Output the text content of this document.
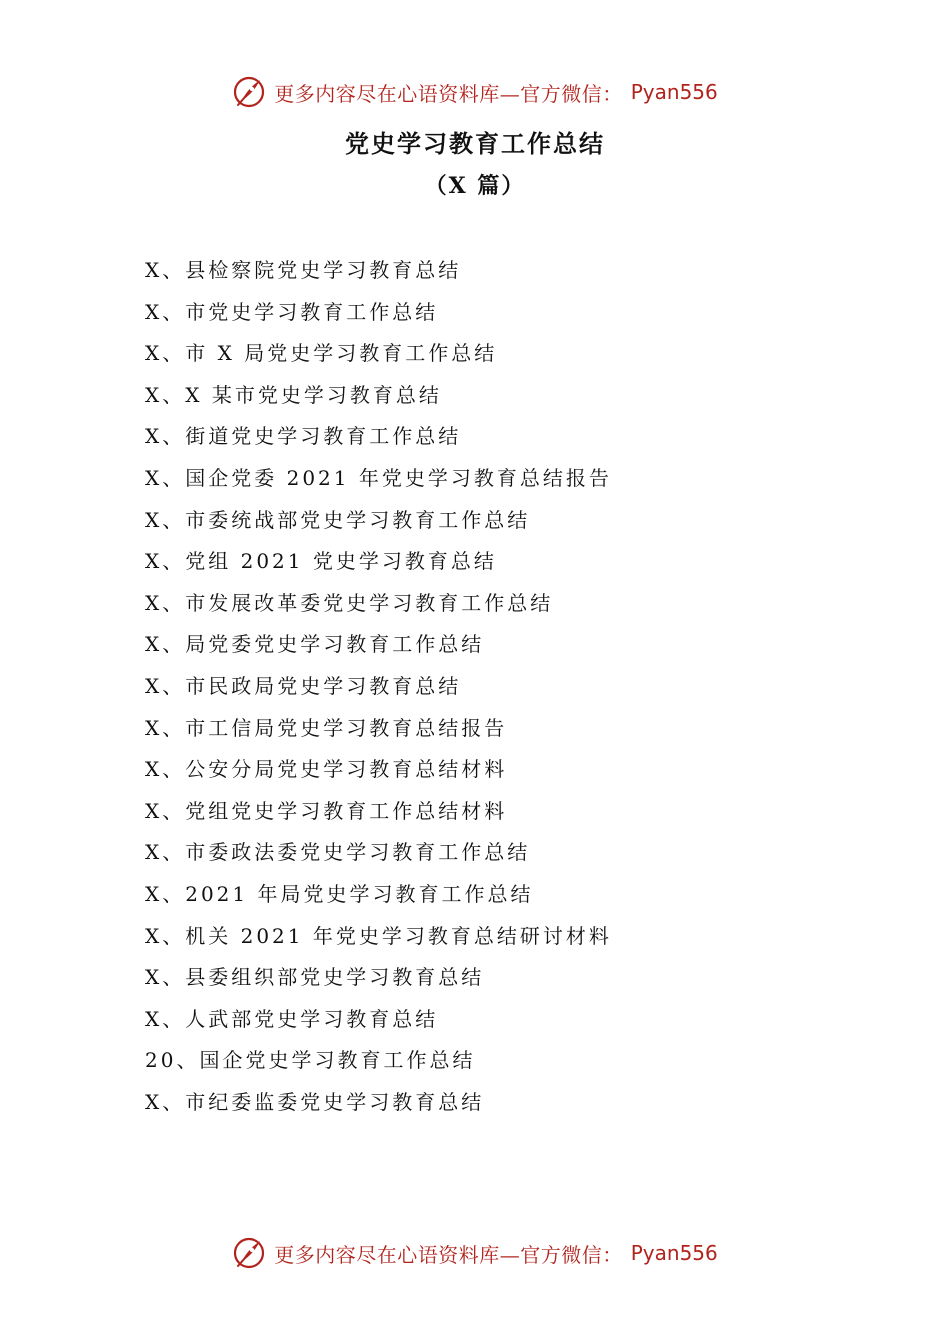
更多内容尽在心语资料库—官方微信： Pyan556
党史学习教育工作总结
（X 篇）
X、县检察院党史学习教育总结
X、市党史学习教育工作总结
X、市 X 局党史学习教育工作总结
X、X 某市党史学习教育总结
X、街道党史学习教育工作总结
X、国企党委 2021 年党史学习教育总结报告
X、市委统战部党史学习教育工作总结
X、党组 2021 党史学习教育总结
X、市发展改革委党史学习教育工作总结
X、局党委党史学习教育工作总结
X、市民政局党史学习教育总结
X、市工信局党史学习教育总结报告
X、公安分局党史学习教育总结材料
X、党组党史学习教育工作总结材料
X、市委政法委党史学习教育工作总结
X、2021 年局党史学习教育工作总结
X、机关 2021 年党史学习教育总结研讨材料
X、县委组织部党史学习教育总结
X、人武部党史学习教育总结
20、国企党史学习教育工作总结
X、市纪委监委党史学习教育总结
更多内容尽在心语资料库—官方微信： Pyan556
